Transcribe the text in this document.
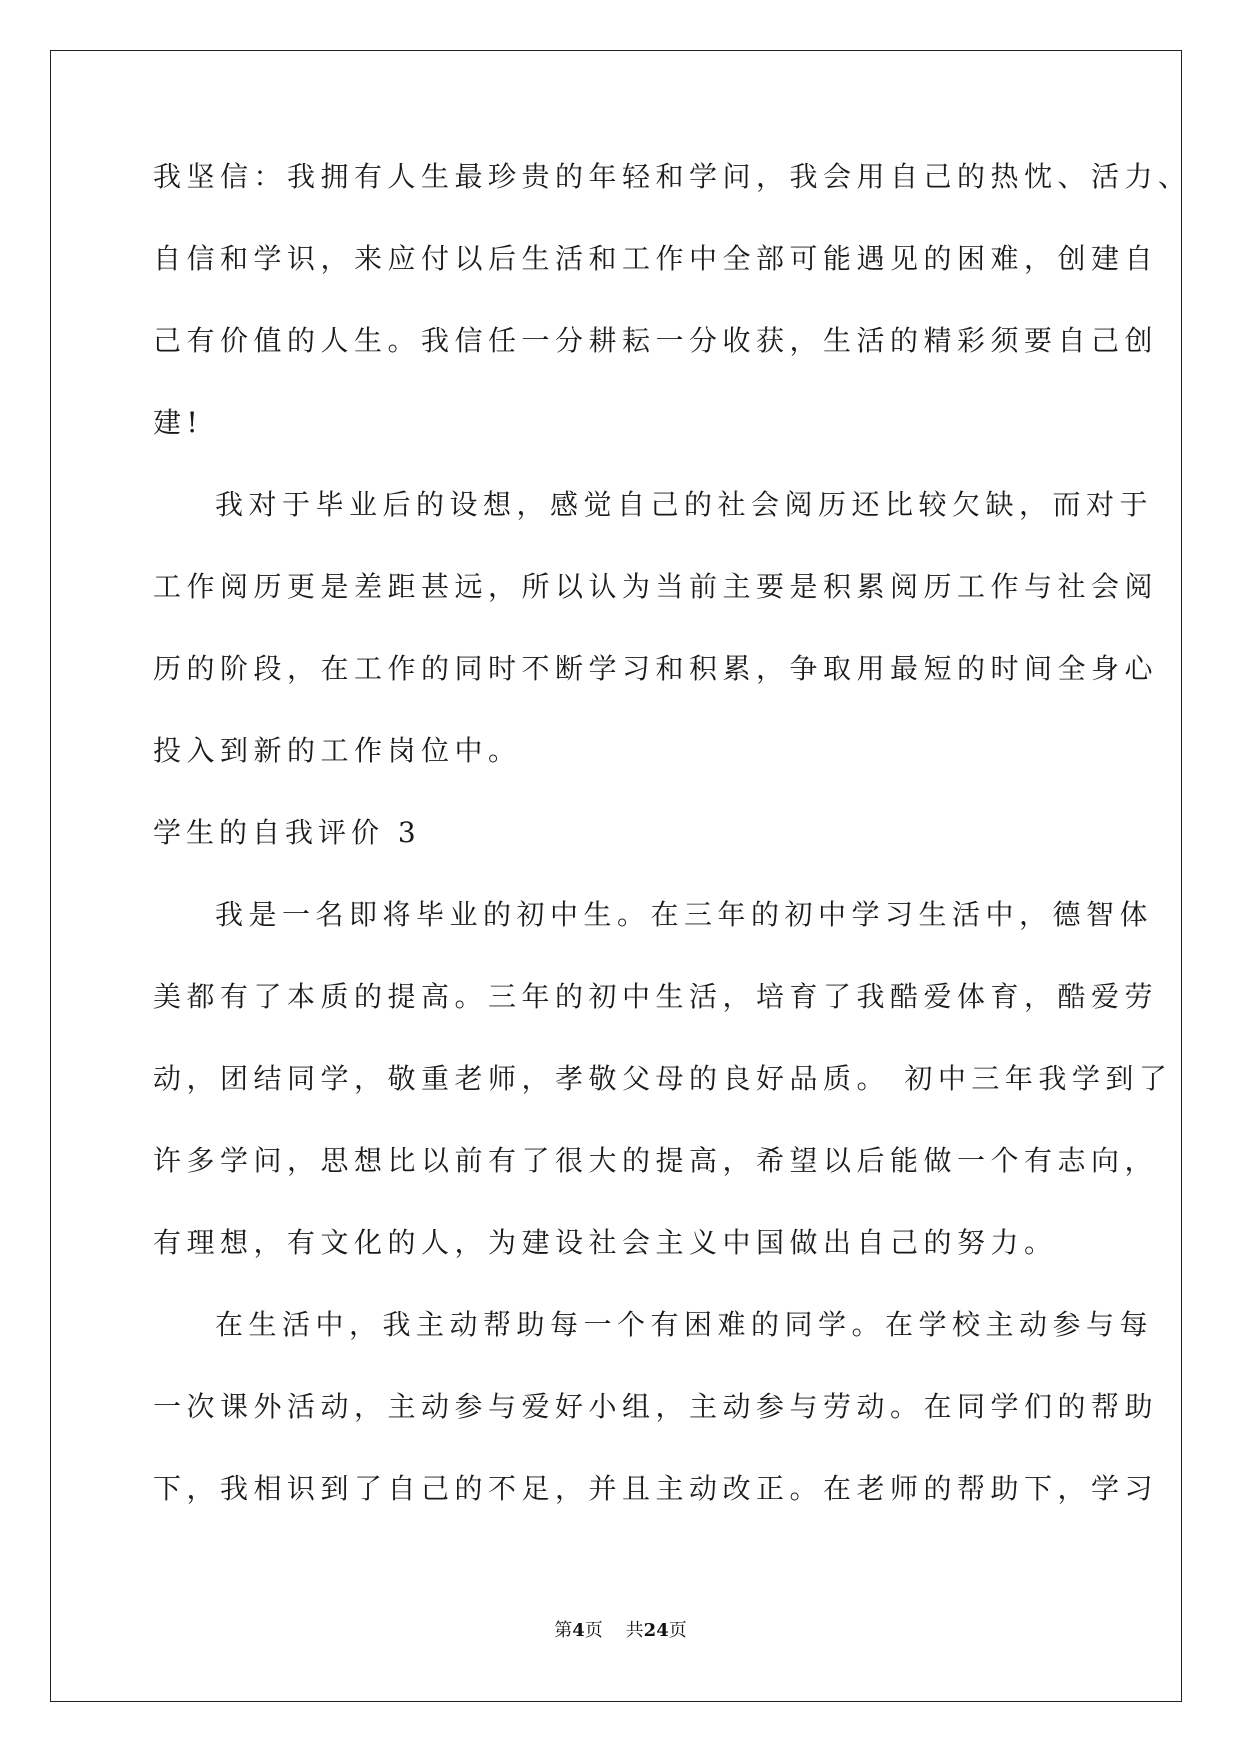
我坚信：我拥有人生最珍贵的年轻和学问，我会用自己的热忱、活力、
自信和学识，来应付以后生活和工作中全部可能遇见的困难，创建自
己有价值的人生。我信任一分耕耘一分收获，生活的精彩须要自己创
建!
我对于毕业后的设想，感觉自己的社会阅历还比较欠缺，而对于
工作阅历更是差距甚远，所以认为当前主要是积累阅历工作与社会阅
历的阶段，在工作的同时不断学习和积累，争取用最短的时间全身心
投入到新的工作岗位中。
学生的自我评价 3
我是一名即将毕业的初中生。在三年的初中学习生活中，德智体
美都有了本质的提高。三年的初中生活，培育了我酷爱体育，酷爱劳
动，团结同学，敬重老师，孝敬父母的良好品质。 初中三年我学到了
许多学问，思想比以前有了很大的提高，希望以后能做一个有志向，
有理想，有文化的人，为建设社会主义中国做出自己的努力。
在生活中，我主动帮助每一个有困难的同学。在学校主动参与每
一次课外活动，主动参与爱好小组，主动参与劳动。在同学们的帮助
下，我相识到了自己的不足，并且主动改正。在老师的帮助下，学习
第4页    共24页
